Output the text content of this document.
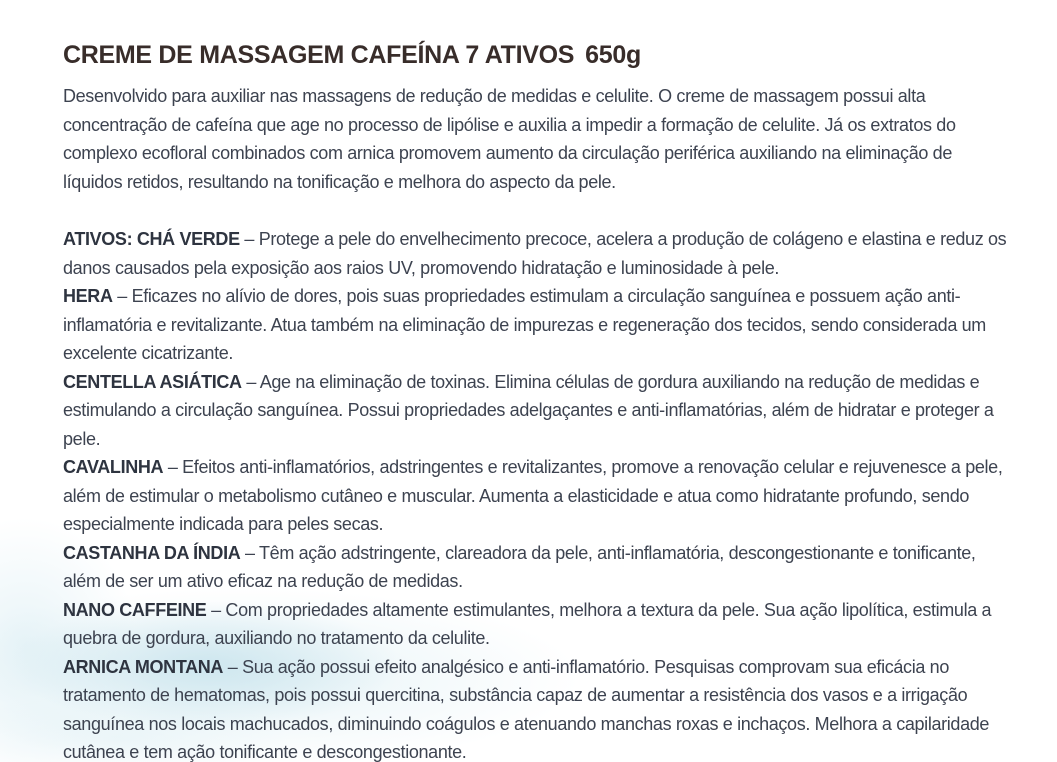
CREME DE MASSAGEM CAFEÍNA 7 ATIVOS 650g

Desenvolvido para auxiliar nas massagens de redução de medidas e celulite. O creme de massagem possui alta concentração de cafeína que age no processo de lipólise e auxilia a impedir a formação de celulite. Já os extratos do complexo ecofloral combinados com arnica promovem aumento da circulação periférica auxiliando na eliminação de líquidos retidos, resultando na tonificação e melhora do aspecto da pele.

ATIVOS: CHÁ VERDE – Protege a pele do envelhecimento precoce, acelera a produção de colágeno e elastina e reduz os danos causados pela exposição aos raios UV, promovendo hidratação e luminosidade à pele.

HERA – Eficazes no alívio de dores, pois suas propriedades estimulam a circulação sanguínea e possuem ação anti-inflamatória e revitalizante. Atua também na eliminação de impurezas e regeneração dos tecidos, sendo considerada um excelente cicatrizante.

CENTELLA ASIÁTICA – Age na eliminação de toxinas. Elimina células de gordura auxiliando na redução de medidas e estimulando a circulação sanguínea. Possui propriedades adelgaçantes e anti-inflamatórias, além de hidratar e proteger a pele.

CAVALINHA – Efeitos anti-inflamatórios, adstringentes e revitalizantes, promove a renovação celular e rejuvenesce a pele, além de estimular o metabolismo cutâneo e muscular. Aumenta a elasticidade e atua como hidratante profundo, sendo especialmente indicada para peles secas.

CASTANHA DA ÍNDIA – Têm ação adstringente, clareadora da pele, anti-inflamatória, descongestionante e tonificante, além de ser um ativo eficaz na redução de medidas.

NANO CAFFEINE – Com propriedades altamente estimulantes, melhora a textura da pele. Sua ação lipolítica, estimula a quebra de gordura, auxiliando no tratamento da celulite.

ARNICA MONTANA – Sua ação possui efeito analgésico e anti-inflamatório. Pesquisas comprovam sua eficácia no tratamento de hematomas, pois possui quercitina, substância capaz de aumentar a resistência dos vasos e a irrigação sanguínea nos locais machucados, diminuindo coágulos e atenuando manchas roxas e inchaços. Melhora a capilaridade cutânea e tem ação tonificante e descongestionante.
